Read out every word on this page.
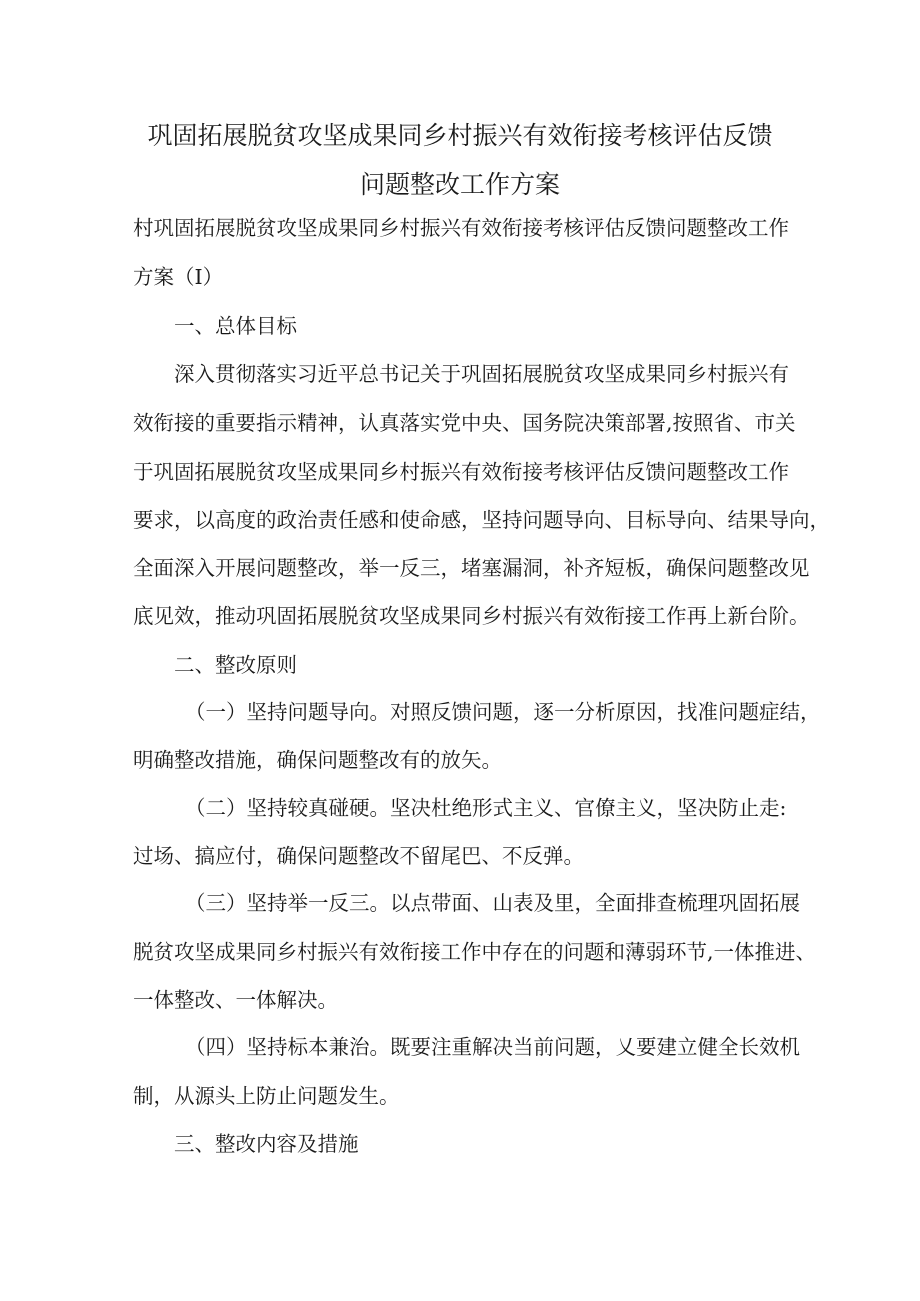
巩固拓展脱贫攻坚成果同乡村振兴有效衔接考核评估反馈
问题整改工作方案
村巩固拓展脱贫攻坚成果同乡村振兴有效衔接考核评估反馈问题整改工作
方案（I）
一、总体目标
深入贯彻落实习近平总书记关于巩固拓展脱贫攻坚成果同乡村振兴有
效衔接的重要指示精神，认真落实党中央、国务院决策部署,按照省、市关
于巩固拓展脱贫攻坚成果同乡村振兴有效衔接考核评估反馈问题整改工作
要求，以高度的政治责任感和使命感，坚持问题导向、目标导向、结果导向，
全面深入开展问题整改，举一反三，堵塞漏洞，补齐短板，确保问题整改见
底见效，推动巩固拓展脱贫攻坚成果同乡村振兴有效衔接工作再上新台阶。
二、整改原则
（一）坚持问题导向。对照反馈问题，逐一分析原因，找准问题症结，
明确整改措施，确保问题整改有的放矢。
（二）坚持较真碰硬。坚决杜绝形式主义、官僚主义，坚决防止走:
过场、搞应付，确保问题整改不留尾巴、不反弹。
（三）坚持举一反三。以点带面、山表及里，全面排查梳理巩固拓展
脱贫攻坚成果同乡村振兴有效衔接工作中存在的问题和薄弱环节,一体推进、
一体整改、一体解决。
（四）坚持标本兼治。既要注重解决当前问题，乂要建立健全长效机
制，从源头上防止问题发生。
三、整改内容及措施
